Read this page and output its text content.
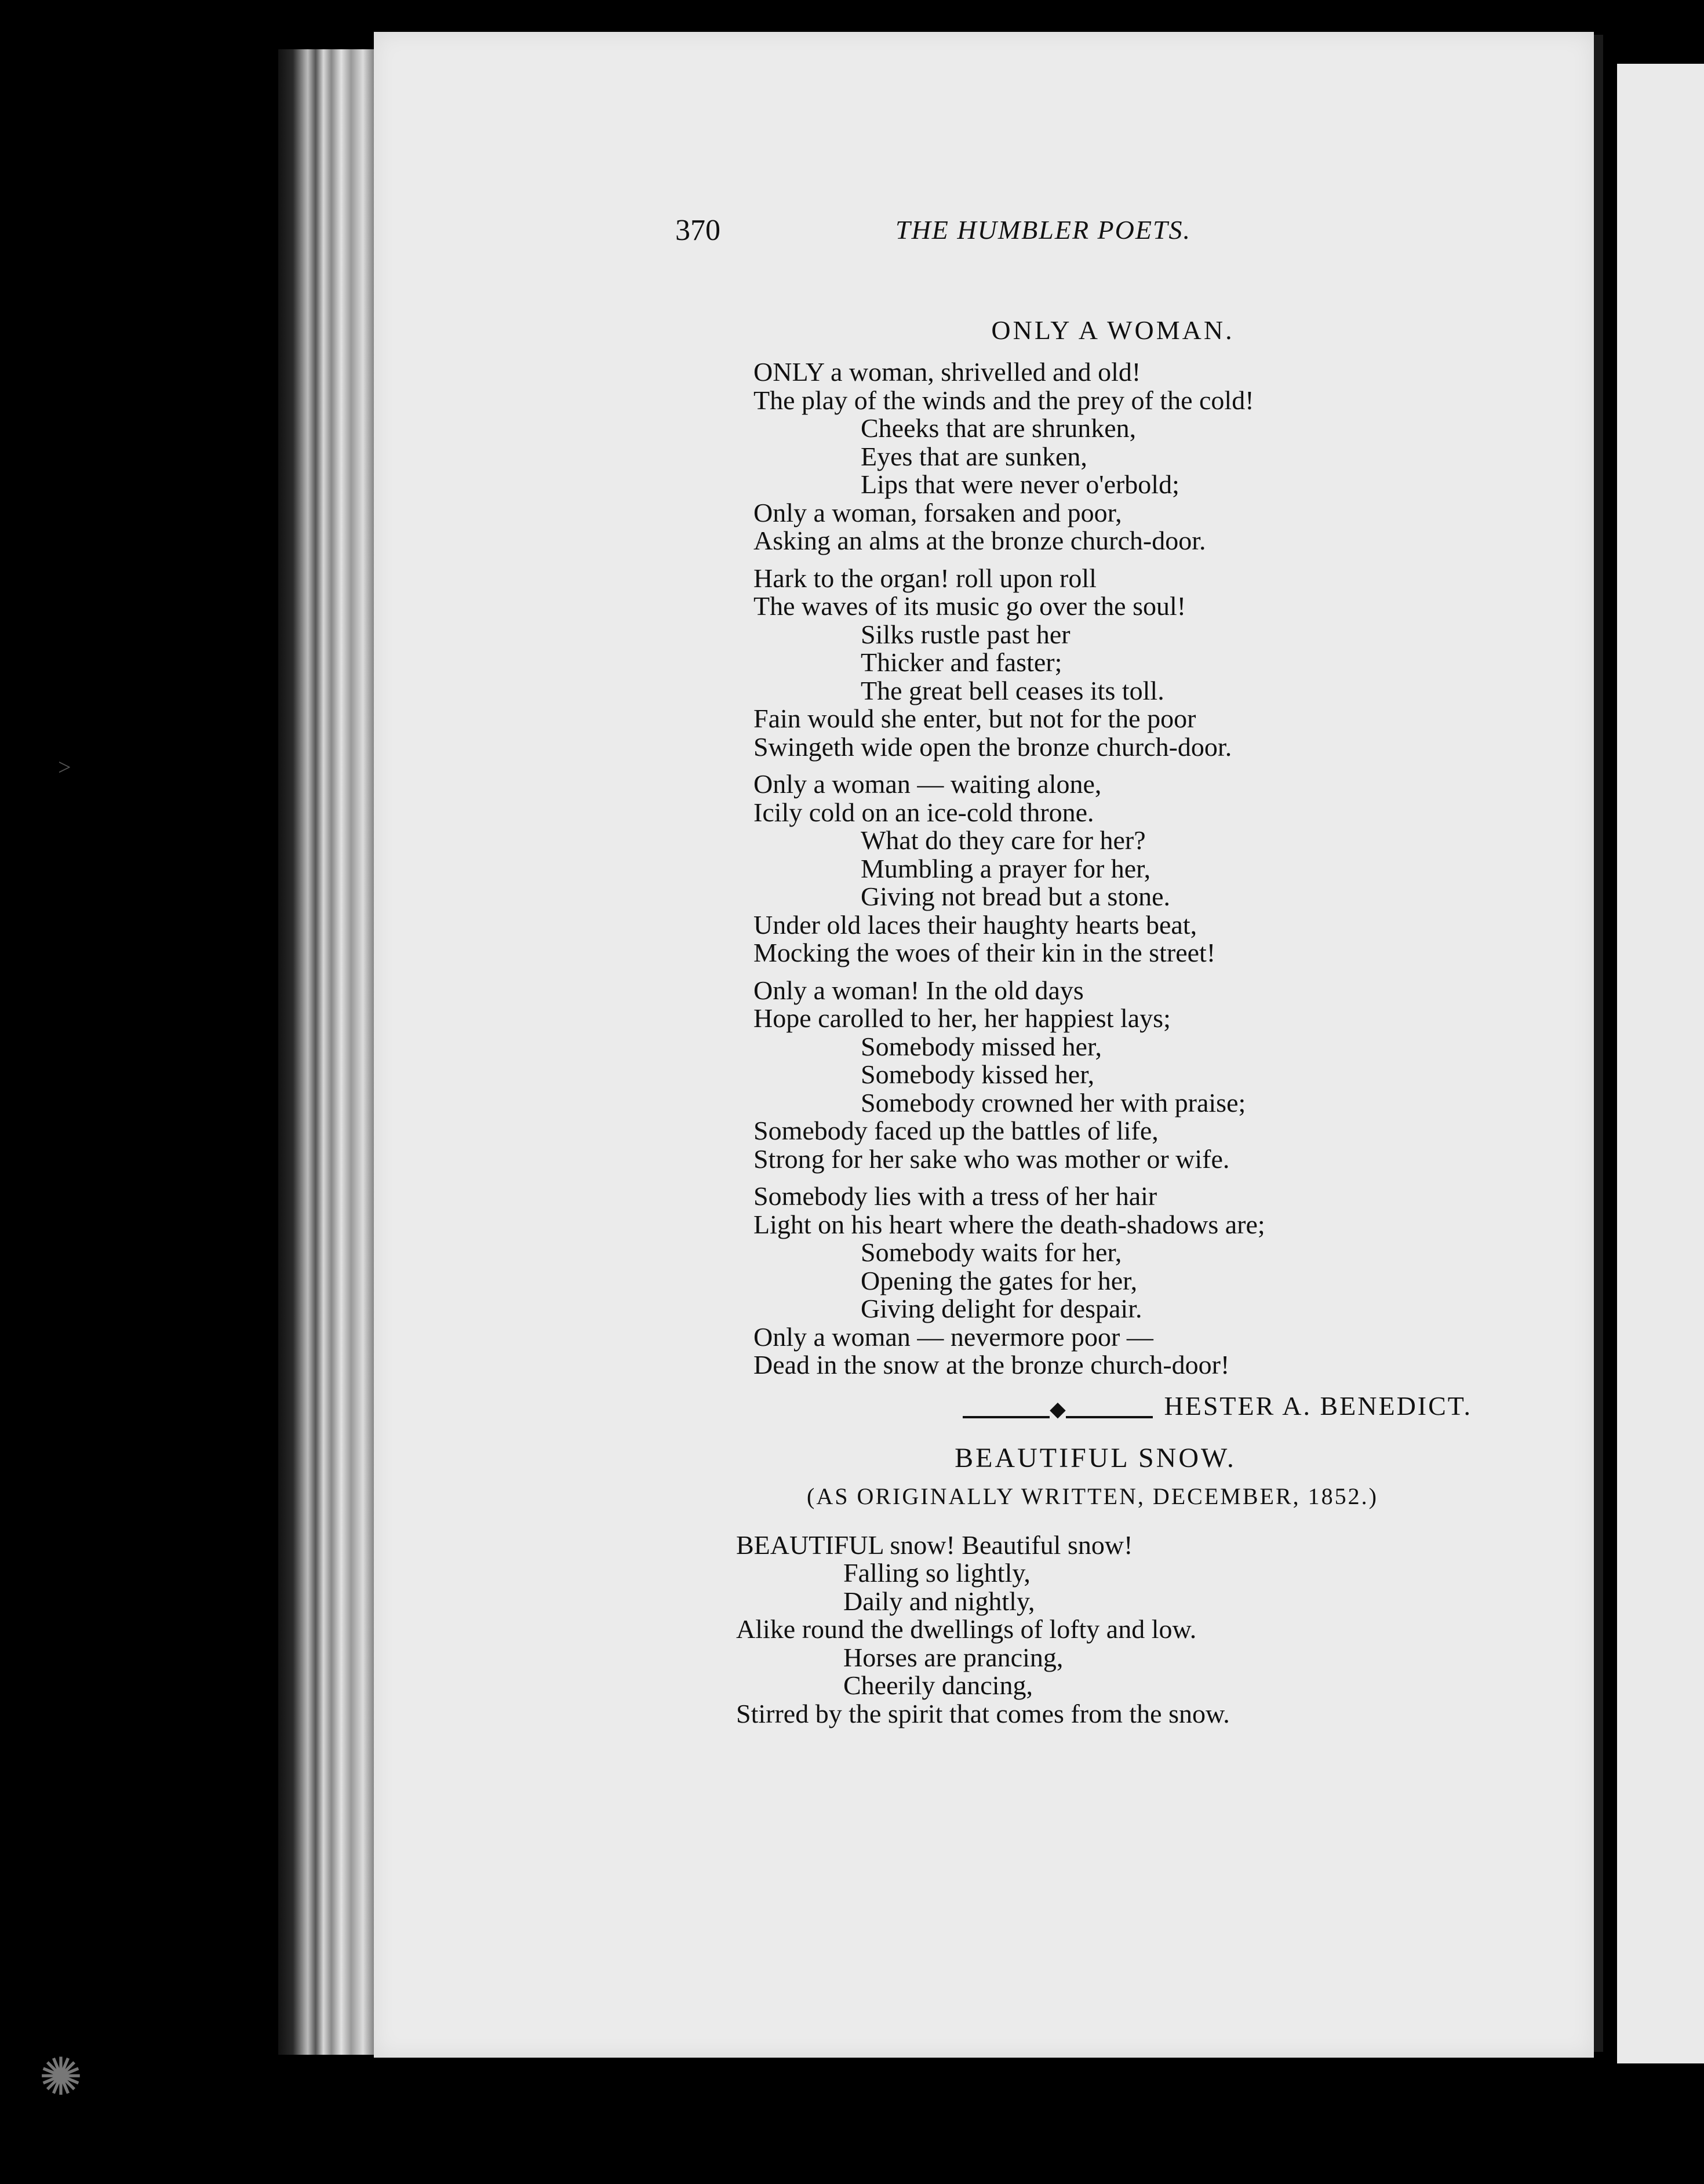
>
✺
370	THE HUMBLER POETS.
ONLY A WOMAN.
ONLY a woman, shrivelled and old!
The play of the winds and the prey of the cold!
Cheeks that are shrunken,
Eyes that are sunken,
Lips that were never o'erbold;
Only a woman, forsaken and poor,
Asking an alms at the bronze church-door.
Hark to the organ! roll upon roll
The waves of its music go over the soul!
Silks rustle past her
Thicker and faster;
The great bell ceases its toll.
Fain would she enter, but not for the poor
Swingeth wide open the bronze church-door.
Only a woman — waiting alone,
Icily cold on an ice-cold throne.
What do they care for her?
Mumbling a prayer for her,
Giving not bread but a stone.
Under old laces their haughty hearts beat,
Mocking the woes of their kin in the street!
Only a woman! In the old days
Hope carolled to her, her happiest lays;
Somebody missed her,
Somebody kissed her,
Somebody crowned her with praise;
Somebody faced up the battles of life,
Strong for her sake who was mother or wife.
Somebody lies with a tress of her hair
Light on his heart where the death-shadows are;
Somebody waits for her,
Opening the gates for her,
Giving delight for despair.
Only a woman — nevermore poor —
Dead in the snow at the bronze church-door!
HESTER A. BENEDICT.
◆
BEAUTIFUL SNOW.
(AS ORIGINALLY WRITTEN, DECEMBER, 1852.)
BEAUTIFUL snow! Beautiful snow!
Falling so lightly,
Daily and nightly,
Alike round the dwellings of lofty and low.
Horses are prancing,
Cheerily dancing,
Stirred by the spirit that comes from the snow.
